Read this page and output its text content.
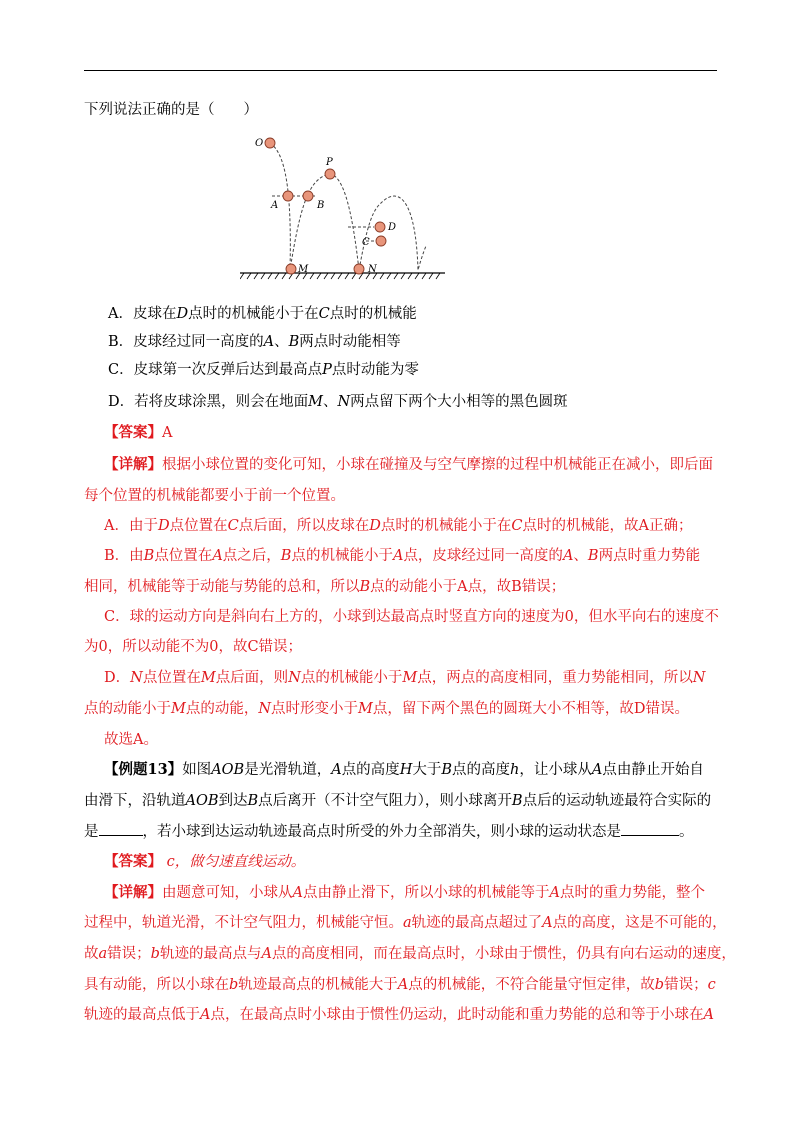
下列说法正确的是（　　）
O
P
A	B
D
C
M	N
A．皮球在D点时的机械能小于在C点时的机械能
B．皮球经过同一高度的A、B两点时动能相等
C．皮球第一次反弹后达到最高点P点时动能为零
D．若将皮球涂黑，则会在地面M、N两点留下两个大小相等的黑色圆斑
【答案】A
【详解】根据小球位置的变化可知，小球在碰撞及与空气摩擦的过程中机械能正在减小，即后面
每个位置的机械能都要小于前一个位置。
A．由于D点位置在C点后面，所以皮球在D点时的机械能小于在C点时的机械能，故A正确；
B．由B点位置在A点之后，B点的机械能小于A点，皮球经过同一高度的A、B两点时重力势能
相同，机械能等于动能与势能的总和，所以B点的动能小于A点，故B错误；
C．球的运动方向是斜向右上方的，小球到达最高点时竖直方向的速度为0，但水平向右的速度不
为0，所以动能不为0，故C错误；
D．N点位置在M点后面，则N点的机械能小于M点，两点的高度相同，重力势能相同，所以N
点的动能小于M点的动能，N点时形变小于M点，留下两个黑色的圆斑大小不相等，故D错误。
故选A。
【例题13】如图AOB是光滑轨道，A点的高度H大于B点的高度h，让小球从A点由静止开始自
由滑下，沿轨道AOB到达B点后离开（不计空气阻力），则小球离开B点后的运动轨迹最符合实际的
是	，若小球到达运动轨迹最高点时所受的外力全部消失，则小球的运动状态是	。
【答案】 c，做匀速直线运动。
【详解】由题意可知，小球从A点由静止滑下，所以小球的机械能等于A点时的重力势能，整个
过程中，轨道光滑，不计空气阻力，机械能守恒。a轨迹的最高点超过了A点的高度，这是不可能的，
故a错误；b轨迹的最高点与A点的高度相同，而在最高点时，小球由于惯性，仍具有向右运动的速度，
具有动能，所以小球在b轨迹最高点的机械能大于A点的机械能，不符合能量守恒定律，故b错误；c
轨迹的最高点低于A点，在最高点时小球由于惯性仍运动，此时动能和重力势能的总和等于小球在A
